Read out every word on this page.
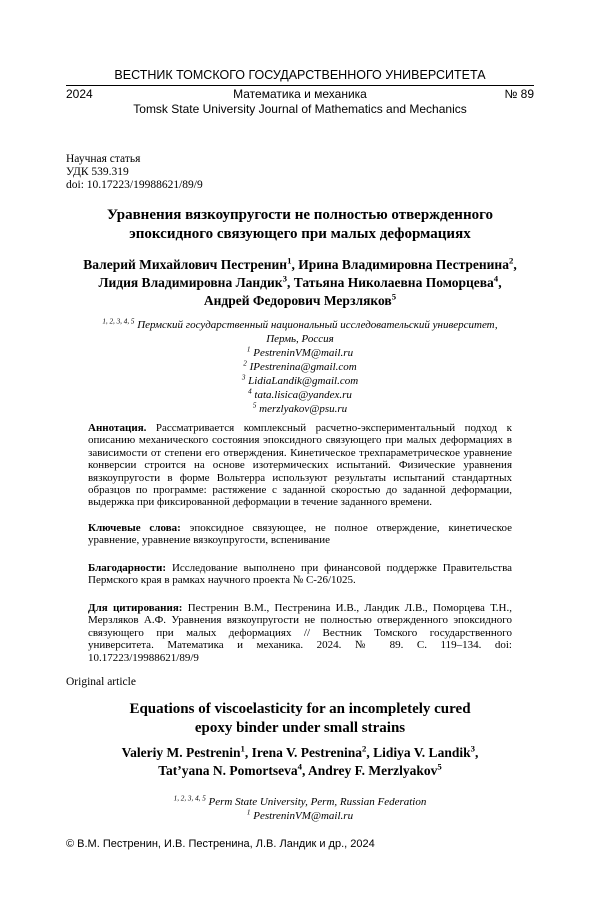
ВЕСТНИК ТОМСКОГО ГОСУДАРСТВЕННОГО УНИВЕРСИТЕТА
Математика и механика
2024	№ 89
Tomsk State University Journal of Mathematics and Mechanics
Научная статья
УДК 539.319
doi: 10.17223/19988621/89/9
Уравнения вязкоупругости не полностью отвержденного
эпоксидного связующего при малых деформациях
Валерий Михайлович Пестренин$^1$, Ирина Владимировна Пестренина$^2$,
Лидия Владимировна Ландик$^3$, Татьяна Николаевна Поморцева$^4$,
Андрей Федорович Мерзляков$^5$
$^{1, 2, 3, 4, 5}$ Пермский государственный национальный исследовательский университет,
Пермь, Россия
$^1$ PestreninVM@mail.ru
$^2$ IPestrenina@gmail.com
$^3$ LidiaLandik@gmail.com
$^4$ tata.lisica@yandex.ru
$^5$ merzlyakov@psu.ru
Аннотация. Рассматривается комплексный расчетно-экспериментальный подход к описанию механического состояния эпоксидного связующего при малых деформациях в зависимости от степени его отверждения. Кинетическое трехпараметрическое уравнение конверсии строится на основе изотермических испытаний. Физические уравнения вязкоупругости в форме Вольтерра используют результаты испытаний стандартных образцов по программе: растяжение с заданной скоростью до заданной деформации, выдержка при фиксированной деформации в течение заданного времени.
Ключевые слова: эпоксидное связующее, не полное отверждение, кинетическое уравнение, уравнение вязкоупругости, вспенивание
Благодарности: Исследование выполнено при финансовой поддержке Правительства Пермского края в рамках научного проекта № С-26/1025.
Для цитирования: Пестренин В.М., Пестренина И.В., Ландик Л.В., Поморцева Т.Н., Мерзляков А.Ф. Уравнения вязкоупругости не полностью отвержденного эпоксидного связующего при малых деформациях // Вестник Томского государственного университета. Математика и механика. 2024. № 89. С. 119–134. doi: 10.17223/19988621/89/9
Original article
Equations of viscoelasticity for an incompletely cured
epoxy binder under small strains
Valeriy M. Pestrenin$^1$, Irena V. Pestrenina$^2$, Lidiya V. Landik$^3$,
Tat’yana N. Pomortseva$^4$, Andrey F. Merzlyakov$^5$
$^{1, 2, 3, 4, 5}$ Perm State University, Perm, Russian Federation
$^1$ PestreninVM@mail.ru
© В.М. Пестренин, И.В. Пестренина, Л.В. Ландик и др., 2024
